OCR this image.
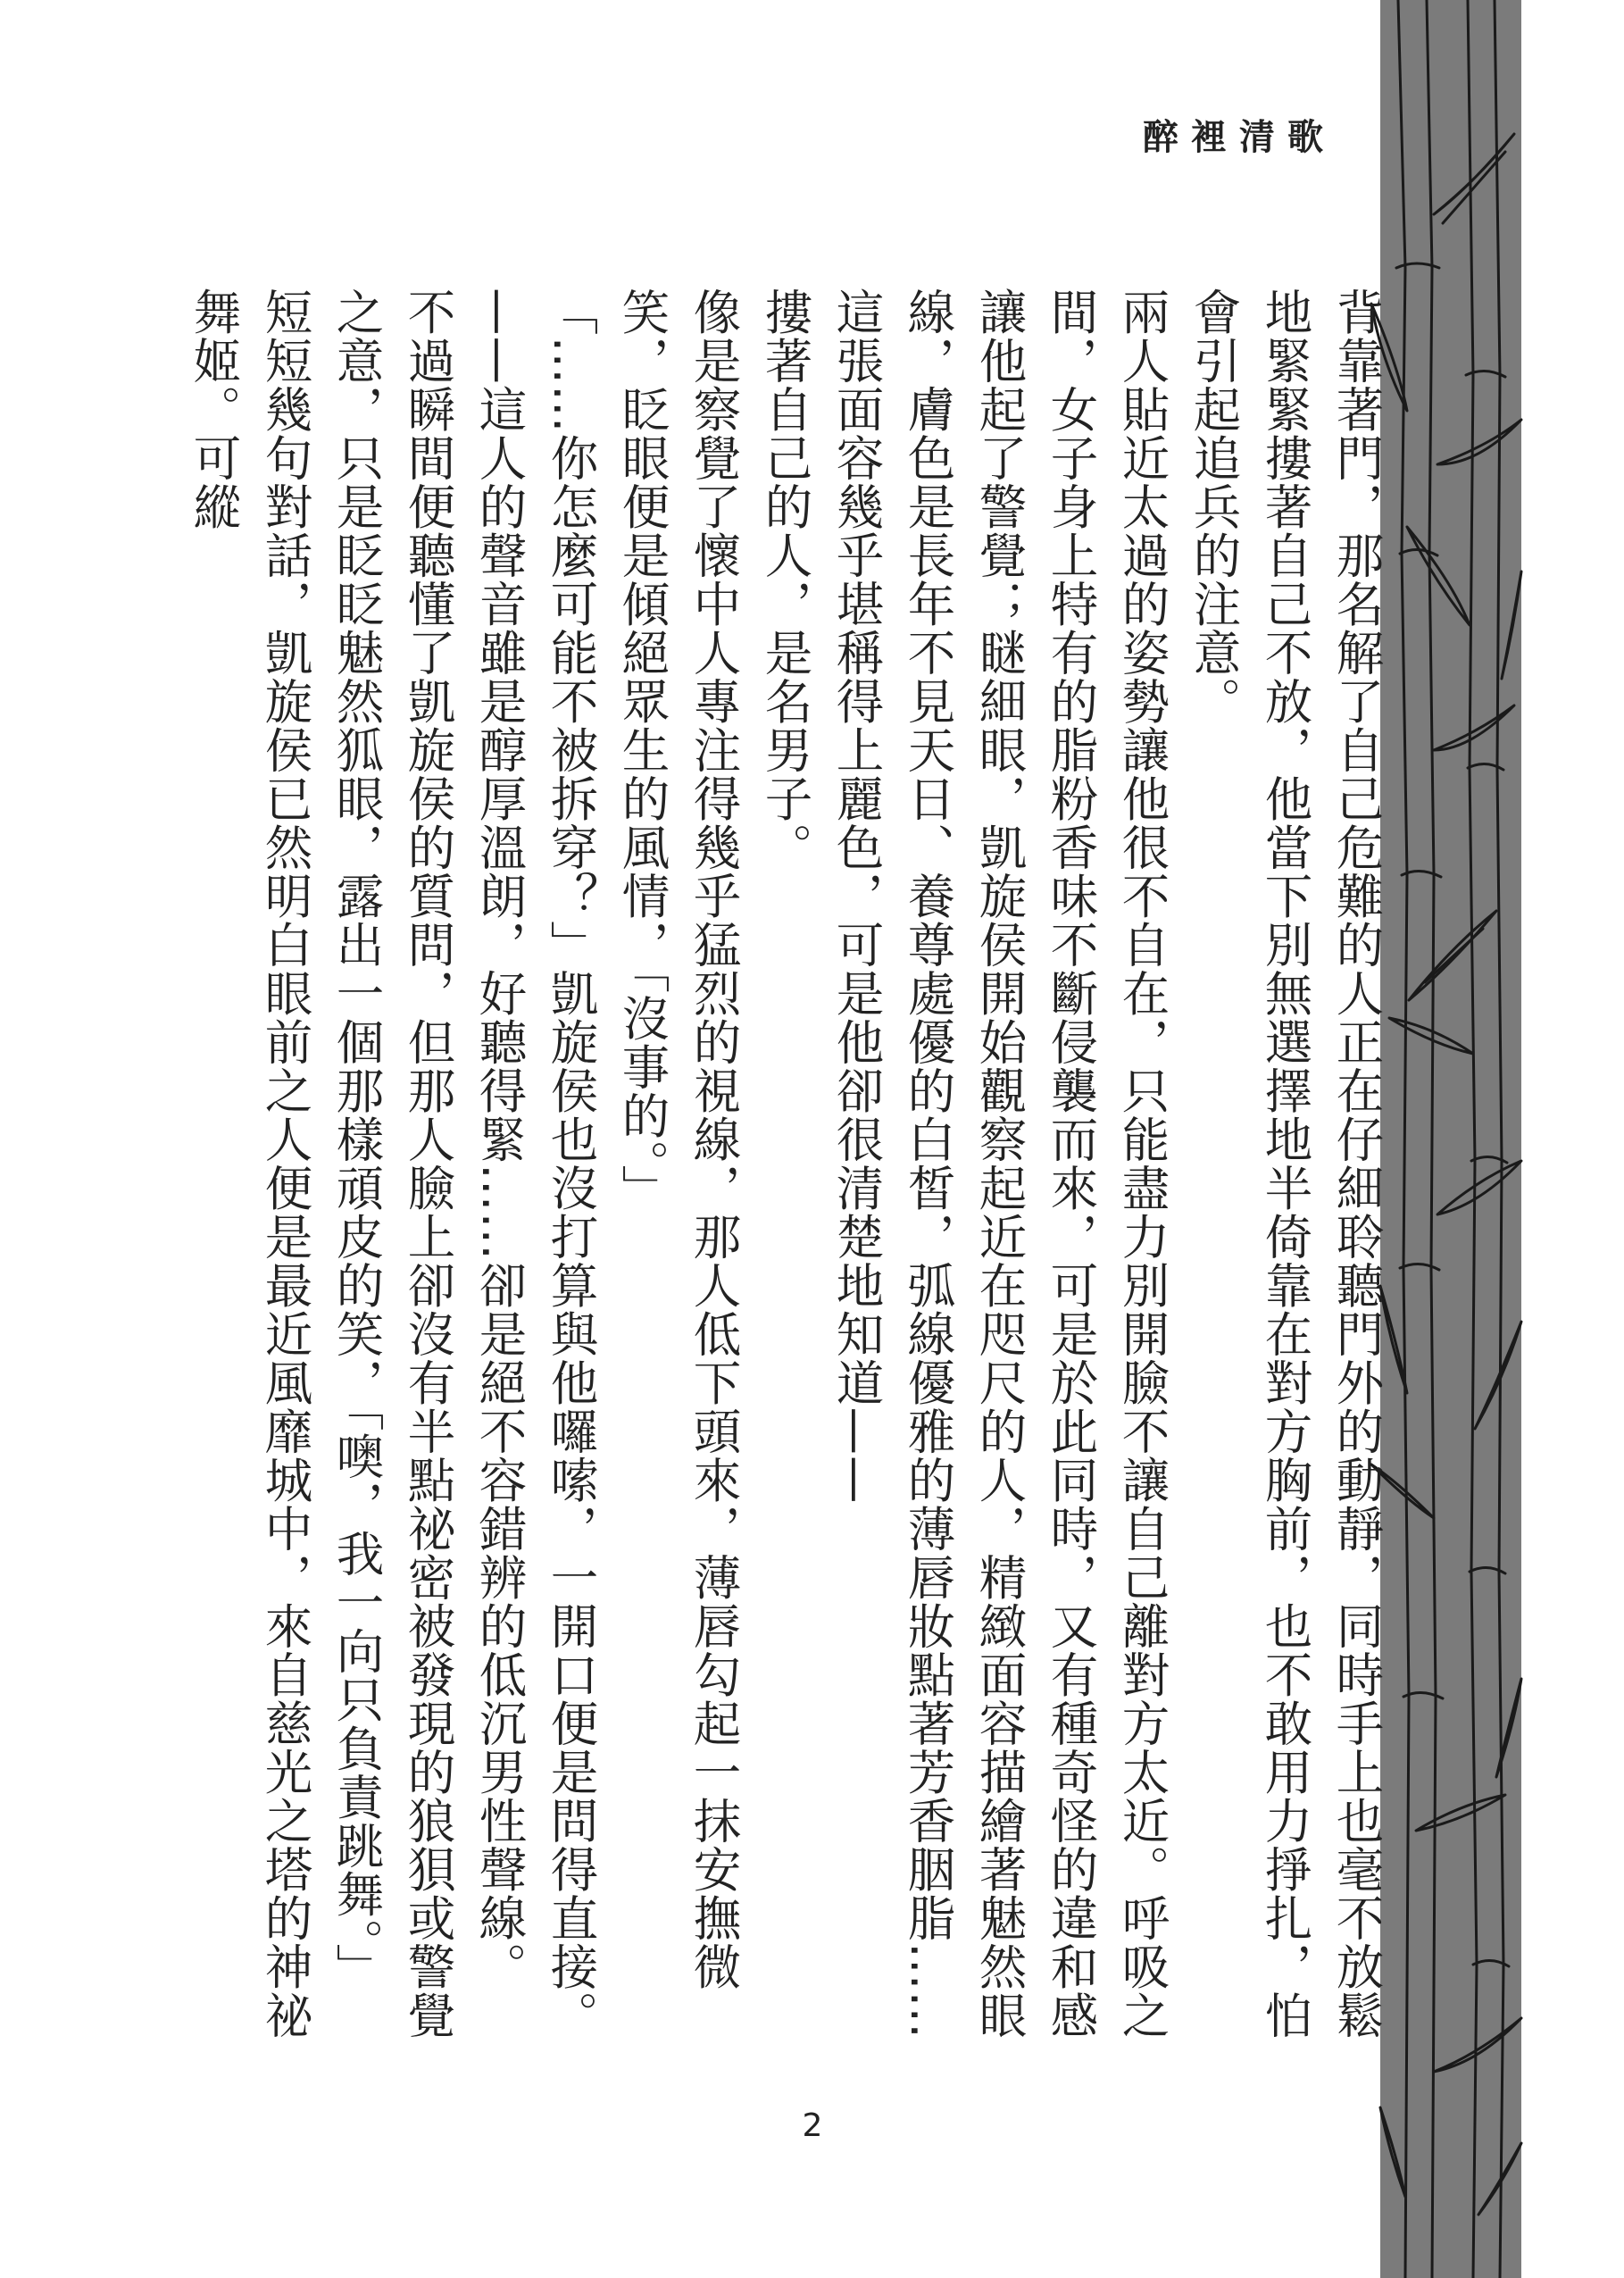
醉裡清歌

背靠著門，那名解了自己危難的人正在仔細聆聽門外的動靜，同時手上也毫不放鬆地緊緊摟著自己不放，他當下別無選擇地半倚靠在對方胸前，也不敢用力掙扎，怕會引起追兵的注意。

兩人貼近太過的姿勢讓他很不自在，只能盡力別開臉不讓自己離對方太近。呼吸之間，女子身上特有的脂粉香味不斷侵襲而來，可是於此同時，又有種奇怪的違和感讓他起了警覺；瞇細眼，凱旋侯開始觀察起近在咫尺的人，精緻面容描繪著魅然眼線，膚色是長年不見天日、養尊處優的白皙，弧線優雅的薄唇妝點著芳香胭脂……這張面容幾乎堪稱得上麗色，可是他卻很清楚地知道——

摟著自己的人，是名男子。

像是察覺了懷中人專注得幾乎猛烈的視線，那人低下頭來，薄唇勾起一抹安撫微笑，眨眼便是傾絕眾生的風情，「沒事的。」

「……你怎麼可能不被拆穿？」凱旋侯也沒打算與他囉嗦，一開口便是問得直接。

——這人的聲音雖是醇厚溫朗，好聽得緊……卻是絕不容錯辨的低沉男性聲線。

不過瞬間便聽懂了凱旋侯的質問，但那人臉上卻沒有半點祕密被發現的狼狽或警覺之意，只是眨眨魅然狐眼，露出一個那樣頑皮的笑，「噢，我一向只負責跳舞。」

短短幾句對話，凱旋侯已然明白眼前之人便是最近風靡城中，來自慈光之塔的神祕舞姬。可縱

2
